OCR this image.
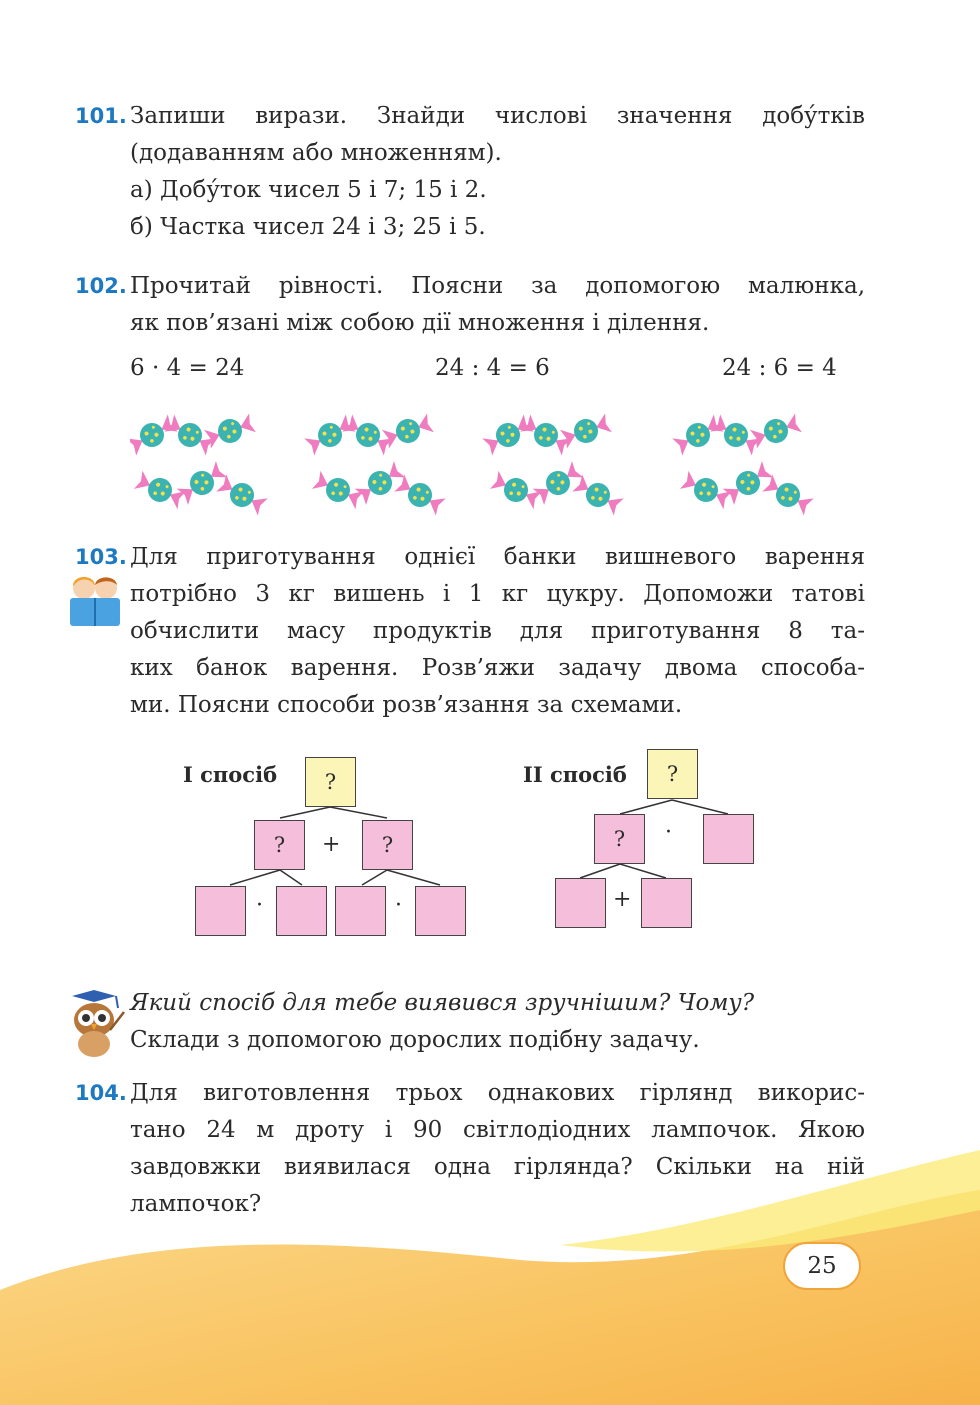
101. Запиши вирази. Знайди числові значення добу́тків
(додаванням або множенням).
а) Добу́ток чисел 5 і 7; 15 і 2.
б) Частка чисел 24 і 3; 25 і 5.
102. Прочитай рівності. Поясни за допомогою малюнка,
як пов’язані між собою дії множення і ділення.
6 · 4 = 24	24 : 4 = 6	24 : 6 = 4
103. Для приготування однієї банки вишневого варення
потрібно 3 кг вишень і 1 кг цукру. Допоможи татові
обчислити масу продуктів для приготування 8 та-
ких банок варення. Розв’яжи задачу двома способа-
ми. Поясни способи розв’язання за схемами.
І спосіб	?
?	+	?
·	·
ІІ спосіб	?
?	·
+
Який спосіб для тебе виявився зручнішим? Чому?
Склади з допомогою дорослих подібну задачу.
104. Для виготовлення трьох однакових гірлянд викорис-
тано 24 м дроту і 90 світлодіодних лампочок. Якою
завдовжки виявилася одна гірлянда? Скільки на ній
лампочок?
25
